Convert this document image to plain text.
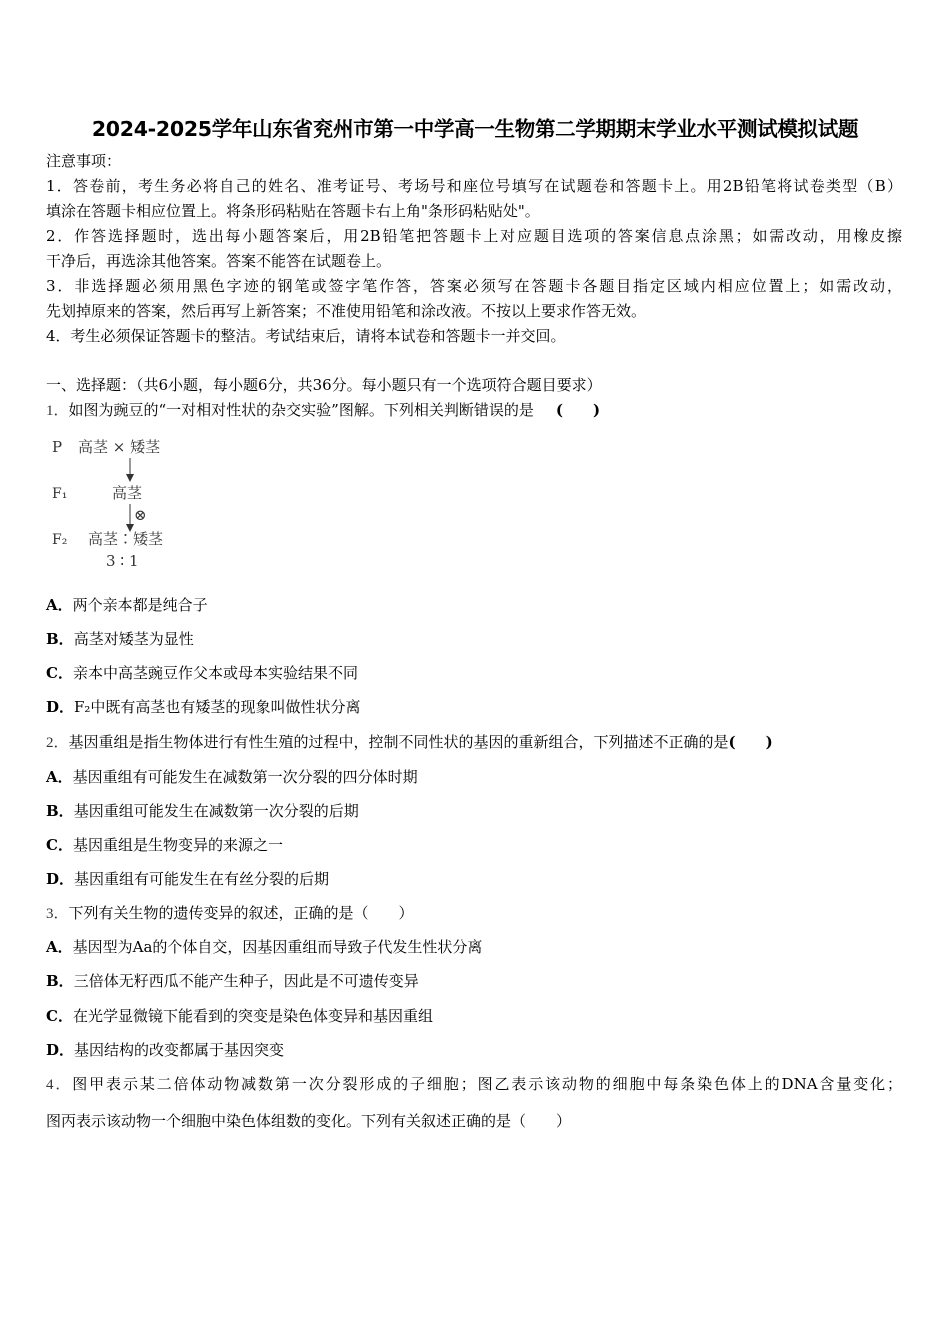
2024-2025学年山东省兖州市第一中学高一生物第二学期期末学业水平测试模拟试题
注意事项：
1．答卷前，考生务必将自己的姓名、准考证号、考场号和座位号填写在试题卷和答题卡上。用2B铅笔将试卷类型（B）
填涂在答题卡相应位置上。将条形码粘贴在答题卡右上角"条形码粘贴处"。
2．作答选择题时，选出每小题答案后，用2B铅笔把答题卡上对应题目选项的答案信息点涂黑；如需改动，用橡皮擦
干净后，再选涂其他答案。答案不能答在试题卷上。
3．非选择题必须用黑色字迹的钢笔或签字笔作答，答案必须写在答题卡各题目指定区域内相应位置上；如需改动，
先划掉原来的答案，然后再写上新答案；不准使用铅笔和涂改液。不按以上要求作答无效。
4．考生必须保证答题卡的整洁。考试结束后，请将本试卷和答题卡一并交回。
一、选择题：（共6小题，每小题6分，共36分。每小题只有一个选项符合题目要求）
1．如图为豌豆的“一对相对性状的杂交实验”图解。下列相关判断错误的是 (　　)
P 高茎 × 矮茎
F₁	高茎
⊗
F₂ 高茎∶矮茎
3 ∶ 1
A．两个亲本都是纯合子
B．高茎对矮茎为显性
C．亲本中高茎豌豆作父本或母本实验结果不同
D．F₂中既有高茎也有矮茎的现象叫做性状分离
2．基因重组是指生物体进行有性生殖的过程中，控制不同性状的基因的重新组合，下列描述不正确的是(　　)
A．基因重组有可能发生在减数第一次分裂的四分体时期
B．基因重组可能发生在减数第一次分裂的后期
C．基因重组是生物变异的来源之一
D．基因重组有可能发生在有丝分裂的后期
3．下列有关生物的遗传变异的叙述，正确的是（　　）
A．基因型为Aa的个体自交，因基因重组而导致子代发生性状分离
B．三倍体无籽西瓜不能产生种子，因此是不可遗传变异
C．在光学显微镜下能看到的突变是染色体变异和基因重组
D．基因结构的改变都属于基因突变
4．图甲表示某二倍体动物减数第一次分裂形成的子细胞；图乙表示该动物的细胞中每条染色体上的DNA含量变化；
图丙表示该动物一个细胞中染色体组数的变化。下列有关叙述正确的是（　　）
